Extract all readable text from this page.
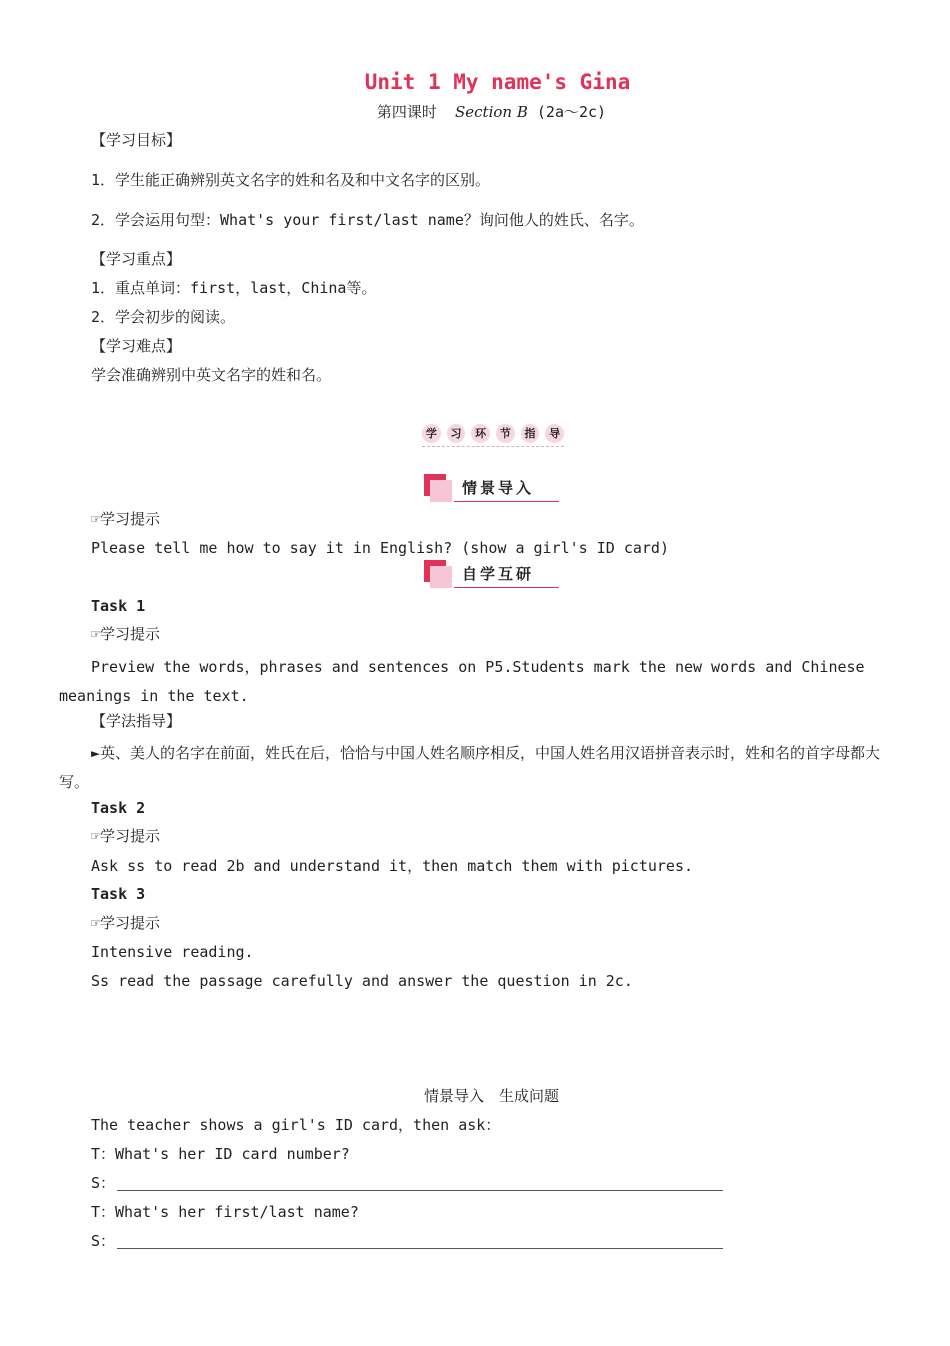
Unit 1 My name's Gina
第四课时 Section B (2a～2c)
【学习目标】
1．学生能正确辨别英文名字的姓和名及和中文名字的区别。
2．学会运用句型：What's your first/last name？询问他人的姓氏、名字。
【学习重点】
1．重点单词：first，last，China等。
2．学会初步的阅读。
【学习难点】
学会准确辨别中英文名字的姓和名。
学	习	环	节	指	导
情景导入
☞学习提示
Please tell me how to say it in English? (show a girl's ID card)
自学互研
Task 1
☞学习提示
Preview the words，phrases and sentences on P5.Students mark the new words and Chinese meanings in the text.
【学法指导】
►英、美人的名字在前面，姓氏在后，恰恰与中国人姓名顺序相反，中国人姓名用汉语拼音表示时，姓和名的首字母都大写。
Task 2
☞学习提示
Ask ss to read 2b and understand it，then match them with pictures.
Task 3
☞学习提示
Intensive reading.
Ss read the passage carefully and answer the question in 2c.
情景导入　生成问题
The teacher shows a girl's ID card，then ask：
T：What's her ID card number?
S：
T：What's her first/last name?
S：
